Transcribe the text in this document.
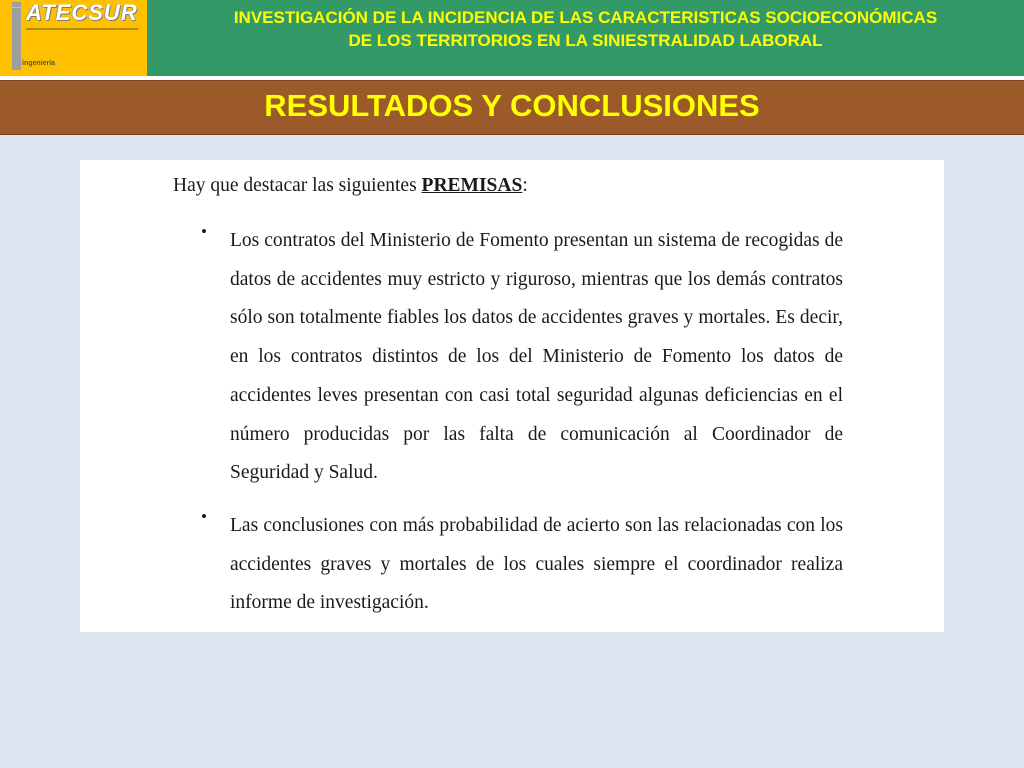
ATECSUR
ingeniería
INVESTIGACIÓN DE LA INCIDENCIA DE LAS CARACTERISTICAS SOCIOECONÓMICAS
DE LOS TERRITORIOS EN LA SINIESTRALIDAD LABORAL
RESULTADOS Y CONCLUSIONES

Hay que destacar las siguientes PREMISAS:

• Los contratos del Ministerio de Fomento presentan un sistema de recogidas de datos de accidentes muy estricto y riguroso, mientras que los demás contratos sólo son totalmente fiables los datos de accidentes graves y mortales. Es decir, en los contratos distintos de los del Ministerio de Fomento los datos de accidentes leves presentan con casi total seguridad algunas deficiencias en el número producidas por las falta de comunicación al Coordinador de Seguridad y Salud.

• Las conclusiones con más probabilidad de acierto son las relacionadas con los accidentes graves y mortales de los cuales siempre el coordinador realiza informe de investigación.
